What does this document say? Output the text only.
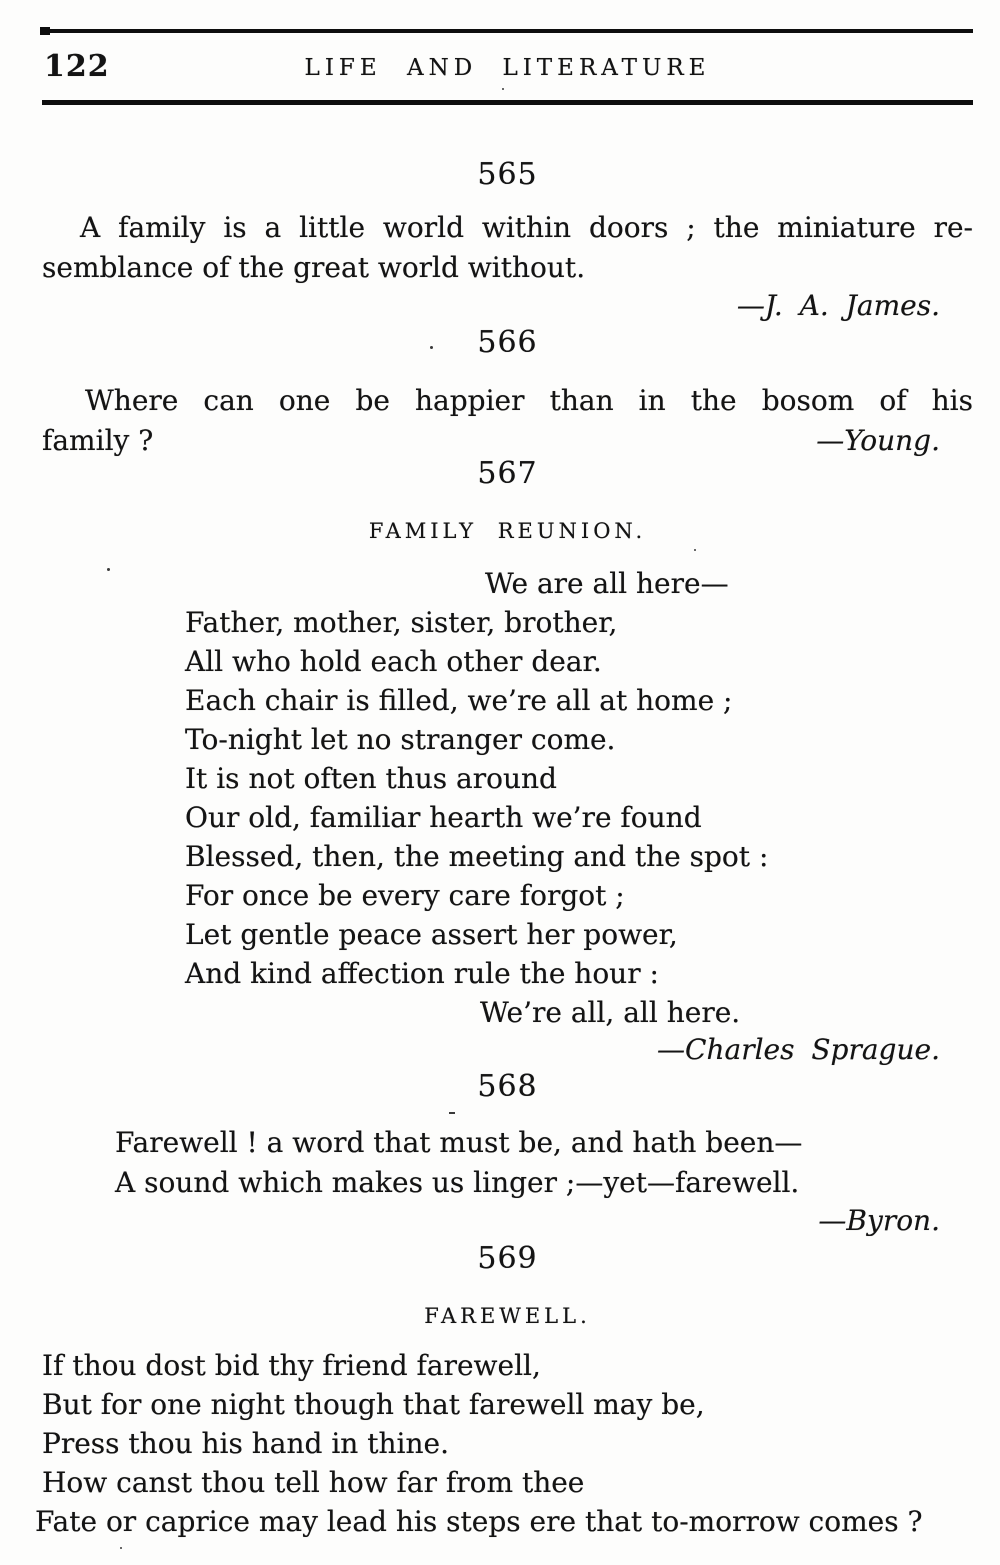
122	LIFE AND LITERATURE
565
A family is a little world within doors ; the miniature re-
semblance of the great world without.
—J. A. James.
566
Where can one be happier than in the bosom of his
family ?	—Young.
567
FAMILY REUNION.
We are all here—
Father, mother, sister, brother,
All who hold each other dear.
Each chair is filled, we’re all at home ;
To-night let no stranger come.
It is not often thus around
Our old, familiar hearth we’re found
Blessed, then, the meeting and the spot :
For once be every care forgot ;
Let gentle peace assert her power,
And kind affection rule the hour :
We’re all, all here.
—Charles Sprague.
568
Farewell ! a word that must be, and hath been—
A sound which makes us linger ;—yet—farewell.
—Byron.
569
FAREWELL.
If thou dost bid thy friend farewell,
But for one night though that farewell may be,
Press thou his hand in thine.
How canst thou tell how far from thee
Fate or caprice may lead his steps ere that to-morrow comes ?
